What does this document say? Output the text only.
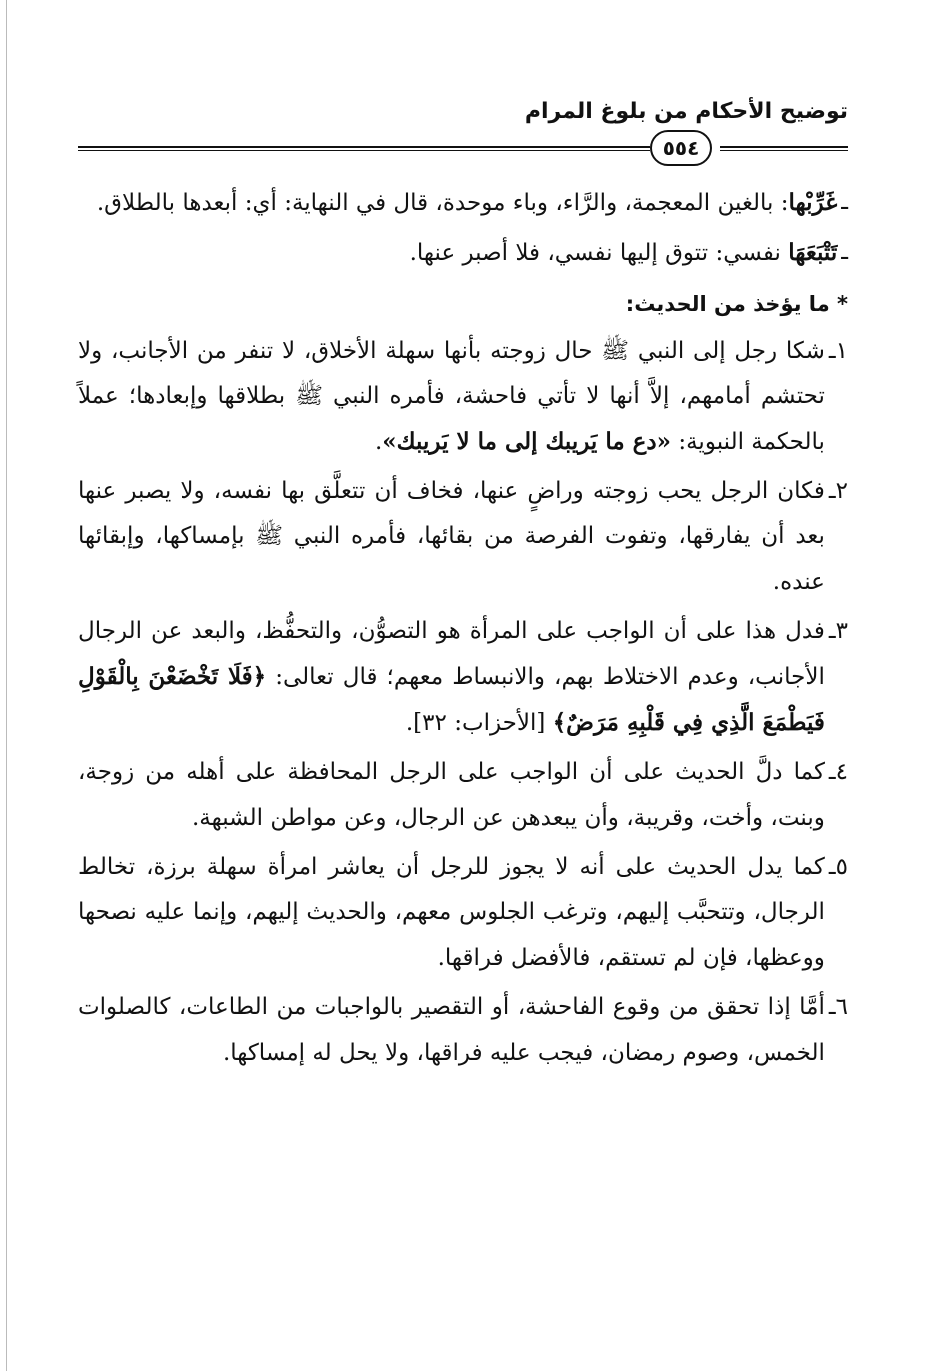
توضيح الأحكام من بلوغ المرام
٥٥٤
ـ
غَرِّبْها: بالغين المعجمة، والرَّاء، وباء موحدة، قال في النهاية: أي: أبعدها بالطلاق.
ـ
تَتْبَعَهَا نفسي: تتوق إليها نفسي، فلا أصبر عنها.
* ما يؤخذ من الحديث:
١ـ
شكا رجل إلى النبي ﷺ حال زوجته بأنها سهلة الأخلاق، لا تنفر من الأجانب، ولا تحتشم أمامهم، إلاَّ أنها لا تأتي فاحشة، فأمره النبي ﷺ بطلاقها وإبعادها؛ عملاً بالحكمة النبوية: «دع ما يَريبك إلى ما لا يَريبك».
٢ـ
فكان الرجل يحب زوجته وراضٍ عنها، فخاف أن تتعلَّق بها نفسه، ولا يصبر عنها بعد أن يفارقها، وتفوت الفرصة من بقائها، فأمره النبي ﷺ بإمساكها، وإبقائها عنده.
٣ـ
فدل هذا على أن الواجب على المرأة هو التصوُّن، والتحفُّظ، والبعد عن الرجال الأجانب، وعدم الاختلاط بهم، والانبساط معهم؛ قال تعالى: ﴿فَلَا تَخْضَعْنَ بِالْقَوْلِ فَيَطْمَعَ الَّذِي فِي قَلْبِهِ مَرَضٌ﴾ [الأحزاب: ٣٢].
٤ـ
كما دلَّ الحديث على أن الواجب على الرجل المحافظة على أهله من زوجة، وبنت، وأخت، وقريبة، وأن يبعدهن عن الرجال، وعن مواطن الشبهة.
٥ـ
كما يدل الحديث على أنه لا يجوز للرجل أن يعاشر امرأة سهلة برزة، تخالط الرجال، وتتحبَّب إليهم، وترغب الجلوس معهم، والحديث إليهم، وإنما عليه نصحها ووعظها، فإن لم تستقم، فالأفضل فراقها.
٦ـ
أمَّا إذا تحقق من وقوع الفاحشة، أو التقصير بالواجبات من الطاعات، كالصلوات الخمس، وصوم رمضان، فيجب عليه فراقها، ولا يحل له إمساكها.
